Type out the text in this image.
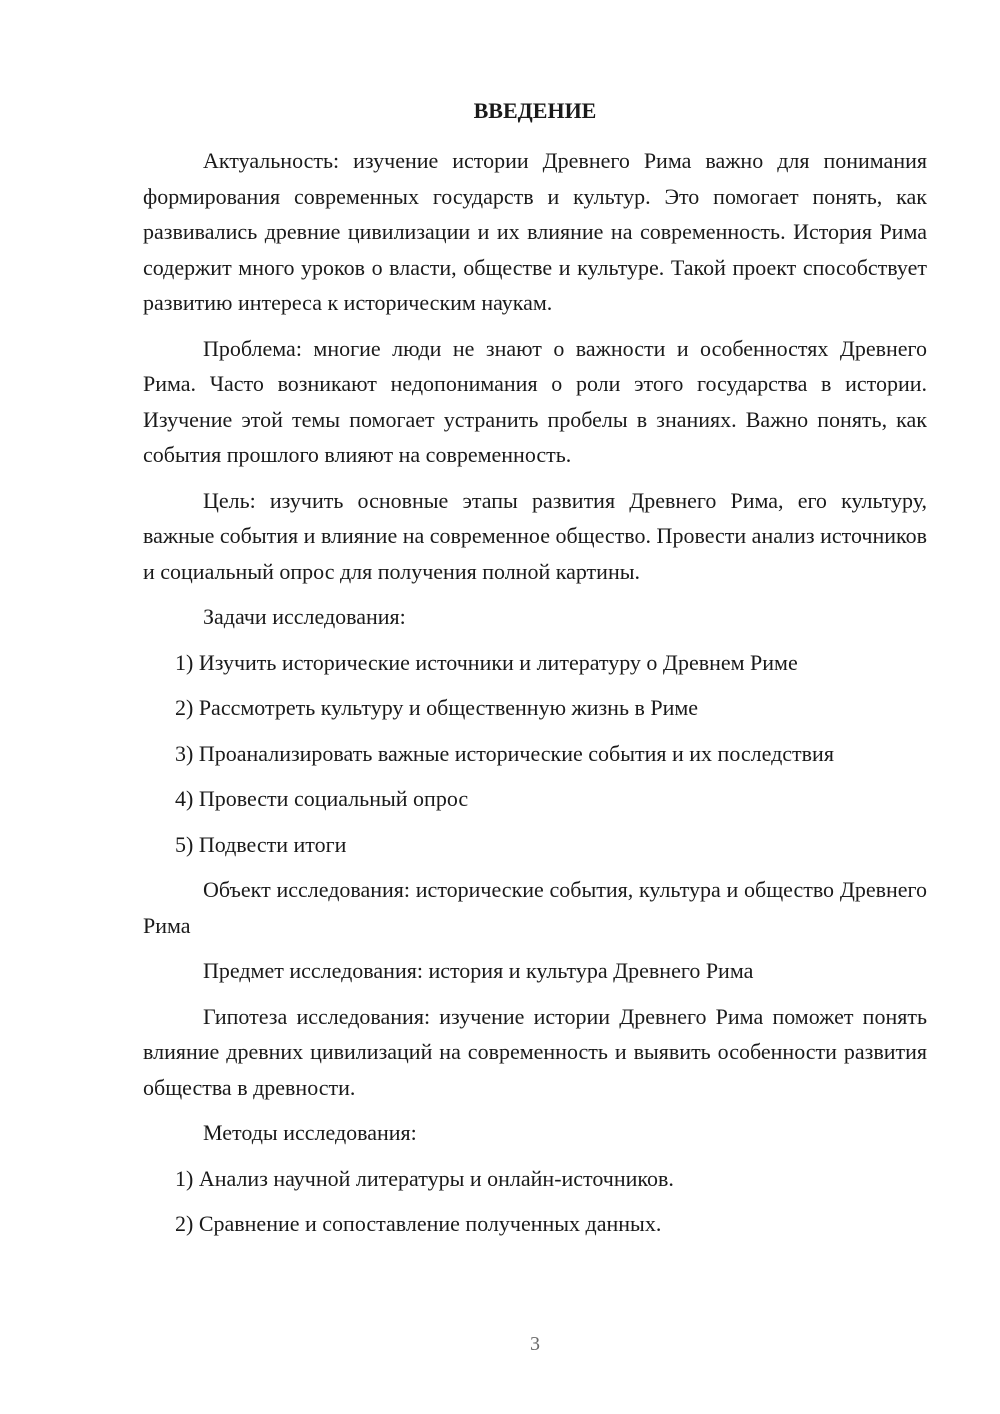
ВВЕДЕНИЕ

Актуальность: изучение истории Древнего Рима важно для понимания формирования современных государств и культур. Это помогает понять, как развивались древние цивилизации и их влияние на современность. История Рима содержит много уроков о власти, обществе и культуре. Такой проект способствует развитию интереса к историческим наукам.

Проблема: многие люди не знают о важности и особенностях Древнего Рима. Часто возникают недопонимания о роли этого государства в истории. Изучение этой темы помогает устранить пробелы в знаниях. Важно понять, как события прошлого влияют на современность.

Цель: изучить основные этапы развития Древнего Рима, его культуру, важные события и влияние на современное общество. Провести анализ источников и социальный опрос для получения полной картины.

Задачи исследования:

1) Изучить исторические источники и литературу о Древнем Риме
2) Рассмотреть культуру и общественную жизнь в Риме
3) Проанализировать важные исторические события и их последствия
4) Провести социальный опрос
5) Подвести итоги

Объект исследования: исторические события, культура и общество Древнего Рима

Предмет исследования: история и культура Древнего Рима

Гипотеза исследования: изучение истории Древнего Рима поможет понять влияние древних цивилизаций на современность и выявить особенности развития общества в древности.

Методы исследования:

1) Анализ научной литературы и онлайн-источников.
2) Сравнение и сопоставление полученных данных.
3
